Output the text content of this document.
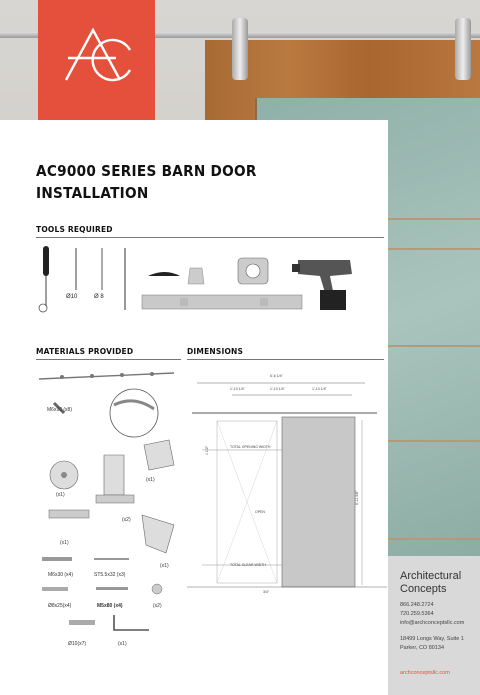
AC9000 SERIES BARN DOOR
INSTALLATION
TOOLS REQUIRED
Ø10	Ø 8
MATERIALS PROVIDED
M6x10 (x8)
(x1)
(x1)
(x2)
(x1)
(x1)
M6x30 (x4)	ST5.5x32 (x3)
Ø8x25(x4)	M5x80 (x4)	(x2)
Ø10(x7)	(x1)
DIMENSIONS
6'-6 1/4"
1'-10 1/4"	1'-10 1/4"	1'-10 1/4"
TOTAL OPENING WIDTH
OPEN
TOTAL CLEAR WIDTH
6'-11 5/8"
1 1/2"
3/4"
Architectural
Concepts
866.248.2724
720.259.5364
info@archconceptsllc.com
18499 Longs Way, Suite 1
Parker, CO 80134
archconceptsllc.com
